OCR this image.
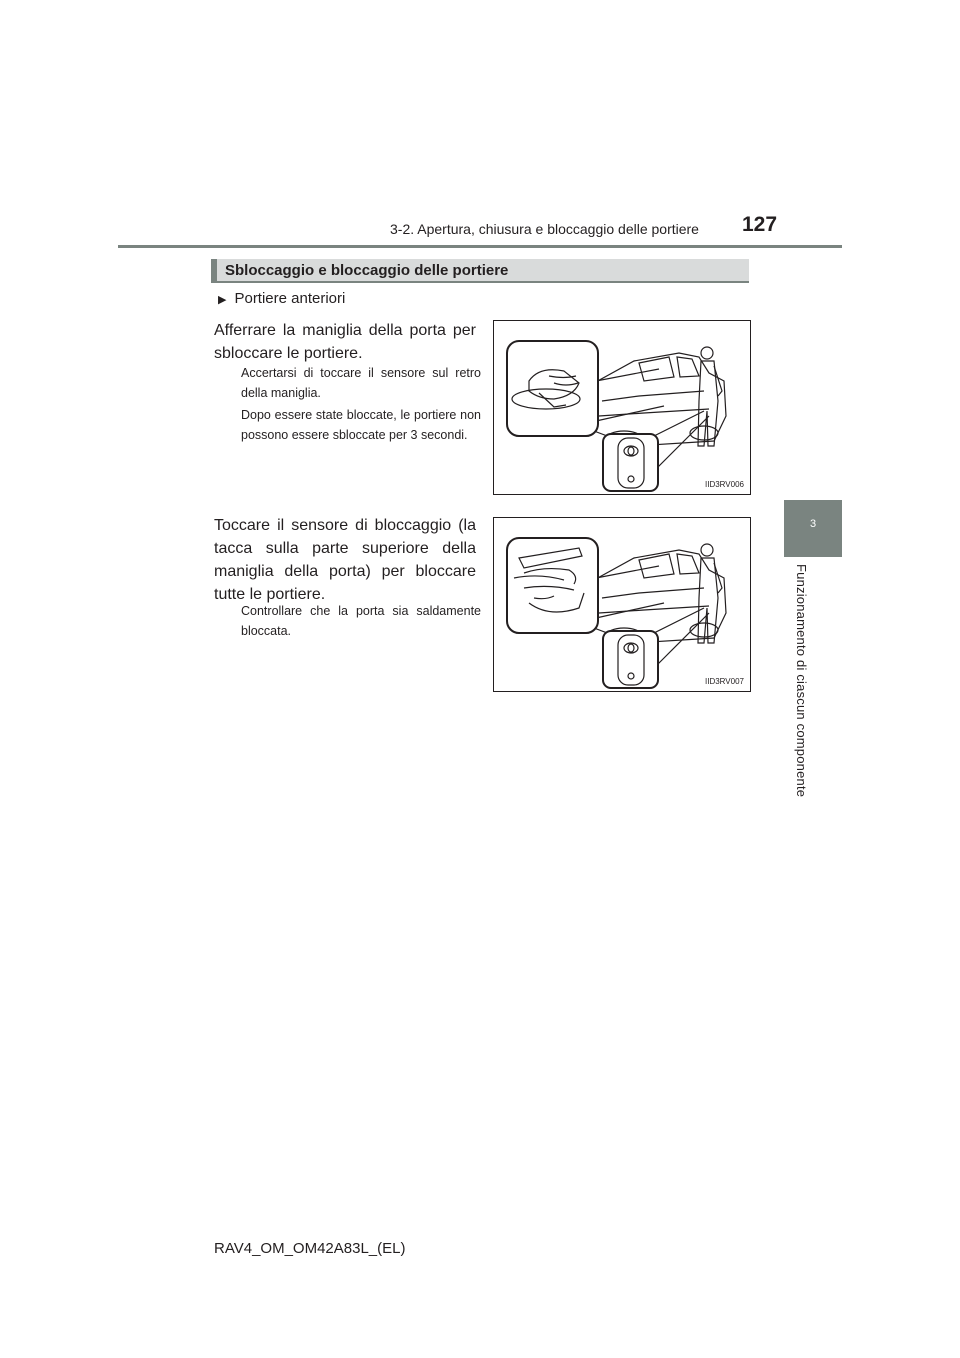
3-2. Apertura, chiusura e bloccaggio delle portiere 127
3
Funzionamento di ciascun componente
Sbloccaggio e bloccaggio delle portiere
▶ Portiere anteriori
Afferrare la maniglia della porta per sbloccare le portiere.
Accertarsi di toccare il sensore sul retro della maniglia.
Dopo essere state bloccate, le portiere non possono essere sbloccate per 3 secondi.
IID3RV006
Toccare il sensore di bloccaggio (la tacca sulla parte superiore della maniglia della porta) per bloccare tutte le portiere.
Controllare che la porta sia saldamente bloccata.
IID3RV007
RAV4_OM_OM42A83L_(EL)
